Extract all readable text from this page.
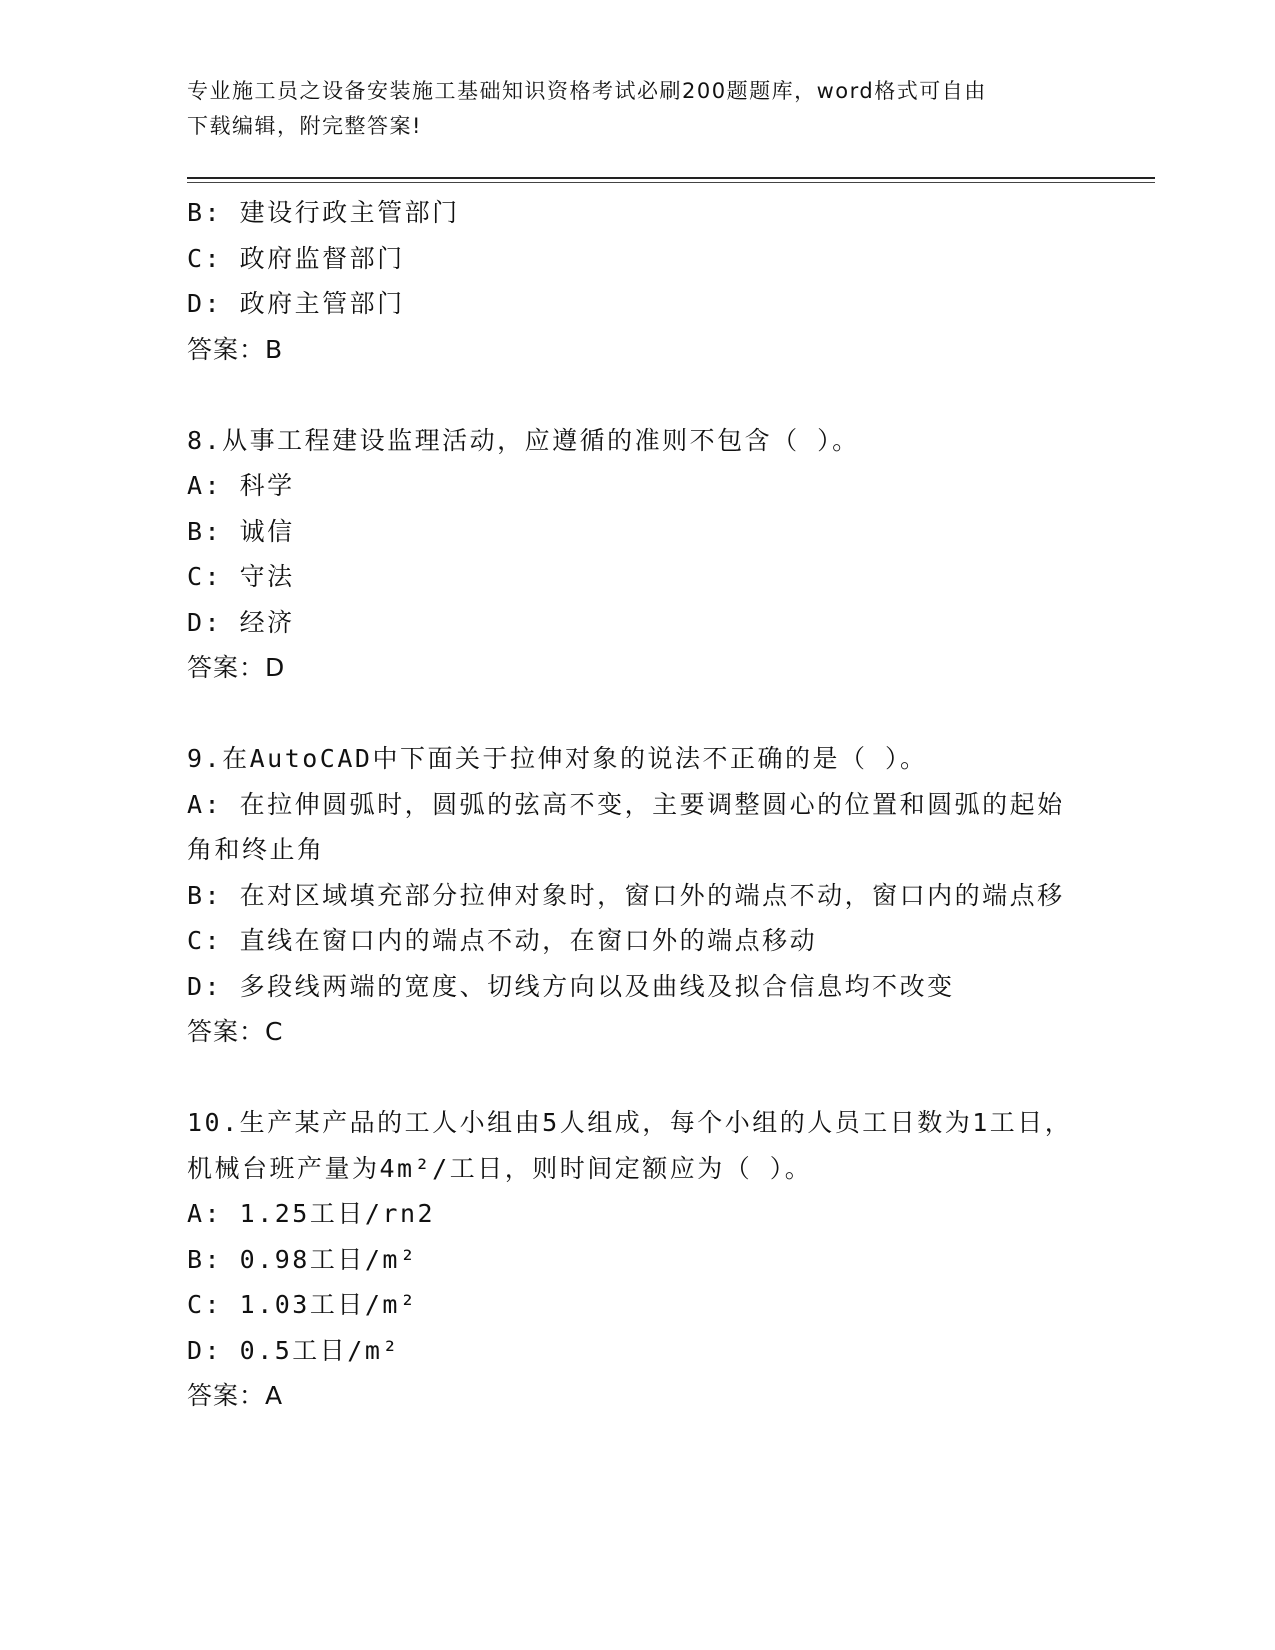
专业施工员之设备安装施工基础知识资格考试必刷200题题库，word格式可自由
下载编辑，附完整答案!

B: 建设行政主管部门

C: 政府监督部门

D: 政府主管部门

答案：B

8.从事工程建设监理活动，应遵循的准则不包含（ ）。

A: 科学

B: 诚信

C: 守法

D: 经济

答案：D

9.在AutoCAD中下面关于拉伸对象的说法不正确的是（ ）。

A: 在拉伸圆弧时，圆弧的弦高不变，主要调整圆心的位置和圆弧的起始角和终止角

B: 在对区域填充部分拉伸对象时，窗口外的端点不动，窗口内的端点移

C: 直线在窗口内的端点不动，在窗口外的端点移动

D: 多段线两端的宽度、切线方向以及曲线及拟合信息均不改变

答案：C

10.生产某产品的工人小组由5人组成，每个小组的人员工日数为1工日，机械台班产量为4m²/工日，则时间定额应为（ ）。

A: 1.25工日/rn2

B: 0.98工日/m²

C: 1.03工日/m²

D: 0.5工日/m²

答案：A
